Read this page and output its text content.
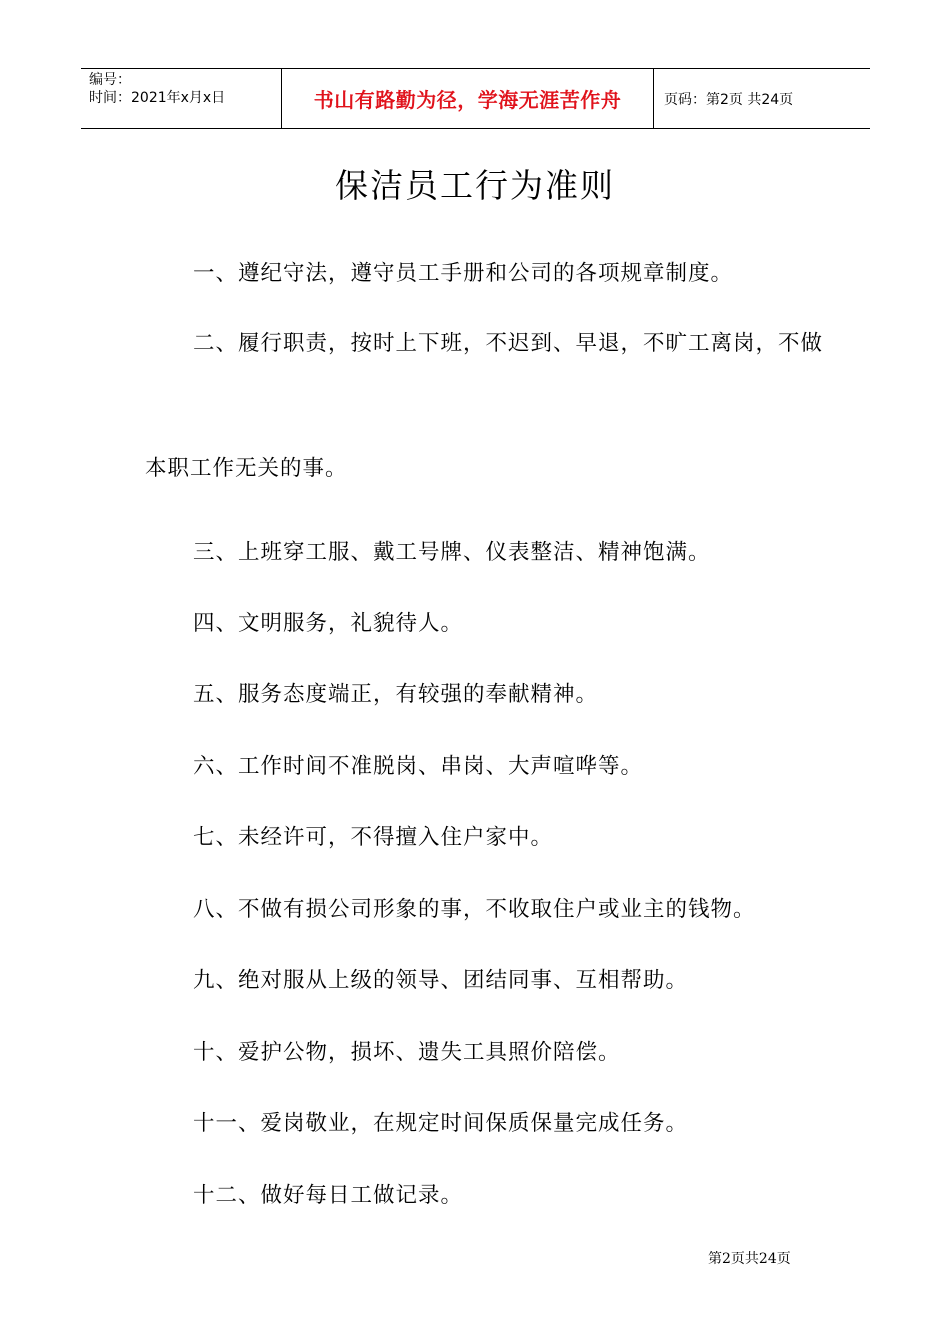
编号：
时间：2021年x月x日	书山有路勤为径，学海无涯苦作舟	页码：第2页 共24页
保洁员工行为准则
一、遵纪守法，遵守员工手册和公司的各项规章制度。
二、履行职责，按时上下班，不迟到、早退，不旷工离岗，不做
本职工作无关的事。
三、上班穿工服、戴工号牌、仪表整洁、精神饱满。
四、文明服务，礼貌待人。
五、服务态度端正，有较强的奉献精神。
六、工作时间不准脱岗、串岗、大声喧哗等。
七、未经许可，不得擅入住户家中。
八、不做有损公司形象的事，不收取住户或业主的钱物。
九、绝对服从上级的领导、团结同事、互相帮助。
十、爱护公物，损坏、遗失工具照价陪偿。
十一、爱岗敬业，在规定时间保质保量完成任务。
十二、做好每日工做记录。
第2页共24页
